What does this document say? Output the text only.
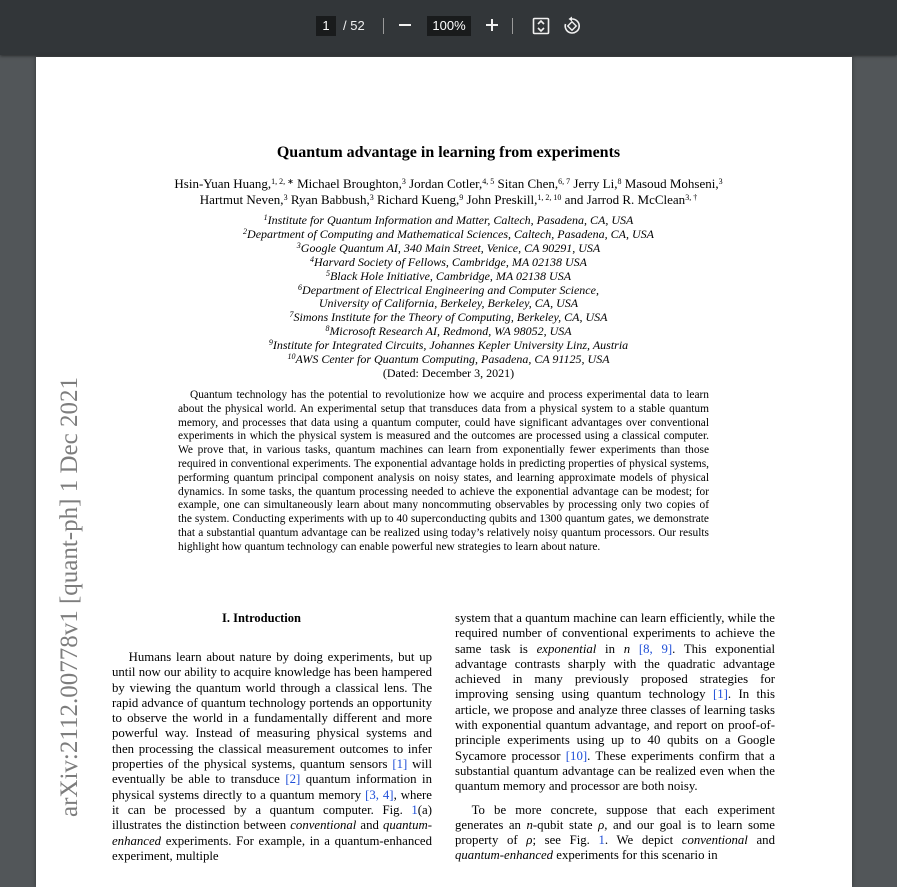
1	/ 52	100%
arXiv:2112.00778v1 [quant-ph] 1 Dec 2021
Quantum advantage in learning from experiments
Hsin-Yuan Huang,$^{1, 2, ∗}$ Michael Broughton,$^3$ Jordan Cotler,$^{4, 5}$ Sitan Chen,$^{6, 7}$ Jerry Li,$^8$ Masoud Mohseni,$^3$
Hartmut Neven,$^3$ Ryan Babbush,$^3$ Richard Kueng,$^9$ John Preskill,$^{1, 2, 10}$ and Jarrod R. McClean$^{3, \dagger}$
$^1$Institute for Quantum Information and Matter, Caltech, Pasadena, CA, USA
$^2$Department of Computing and Mathematical Sciences, Caltech, Pasadena, CA, USA
$^3$Google Quantum AI, 340 Main Street, Venice, CA 90291, USA
$^4$Harvard Society of Fellows, Cambridge, MA 02138 USA
$^5$Black Hole Initiative, Cambridge, MA 02138 USA
$^6$Department of Electrical Engineering and Computer Science,
University of California, Berkeley, Berkeley, CA, USA
$^7$Simons Institute for the Theory of Computing, Berkeley, CA, USA
$^8$Microsoft Research AI, Redmond, WA 98052, USA
$^9$Institute for Integrated Circuits, Johannes Kepler University Linz, Austria
$^{10}$AWS Center for Quantum Computing, Pasadena, CA 91125, USA
(Dated: December 3, 2021)
Quantum technology has the potential to revolutionize how we acquire and process experimental data to learn about the physical world. An experimental setup that transduces data from a physical system to a stable quantum memory, and processes that data using a quantum computer, could have significant advantages over conventional experiments in which the physical system is measured and the outcomes are processed using a classical computer. We prove that, in various tasks, quantum machines can learn from exponentially fewer experiments than those required in conventional experiments. The exponential advantage holds in predicting properties of physical systems, performing quantum principal component analysis on noisy states, and learning approximate models of physical dynamics. In some tasks, the quantum processing needed to achieve the exponential advantage can be modest; for example, one can simultaneously learn about many noncommuting observables by processing only two copies of the system. Conducting experiments with up to 40 superconducting qubits and 1300 quantum gates, we demonstrate that a substantial quantum advantage can be realized using today’s relatively noisy quantum processors. Our results highlight how quantum technology can enable powerful new strategies to learn about nature.
I. Introduction

Humans learn about nature by doing experiments, but up until now our ability to acquire knowledge has been hampered by viewing the quantum world through a classical lens. The rapid advance of quantum technology portends an opportunity to observe the world in a fundamentally different and more powerful way. Instead of measuring physical systems and then processing the classical measurement outcomes to infer properties of the physical systems, quantum sensors [1] will eventually be able to transduce [2] quantum information in physical systems directly to a quantum memory [3, 4], where it can be processed by a quantum computer. Fig. 1(a) illustrates the distinction between conventional and quantum-enhanced experiments. For example, in a quantum-enhanced experiment, multiple

system that a quantum machine can learn efficiently, while the required number of conventional experiments to achieve the same task is exponential in n [8, 9]. This exponential advantage contrasts sharply with the quadratic advantage achieved in many previously proposed strategies for improving sensing using quantum technology [1]. In this article, we propose and analyze three classes of learning tasks with exponential quantum advantage, and report on proof-of-principle experiments using up to 40 qubits on a Google Sycamore processor [10]. These experiments confirm that a substantial quantum advantage can be realized even when the quantum memory and processor are both noisy.

To be more concrete, suppose that each experiment generates an n-qubit state ρ, and our goal is to learn some property of ρ; see Fig. 1. We depict conventional and quantum-enhanced experiments for this scenario in
